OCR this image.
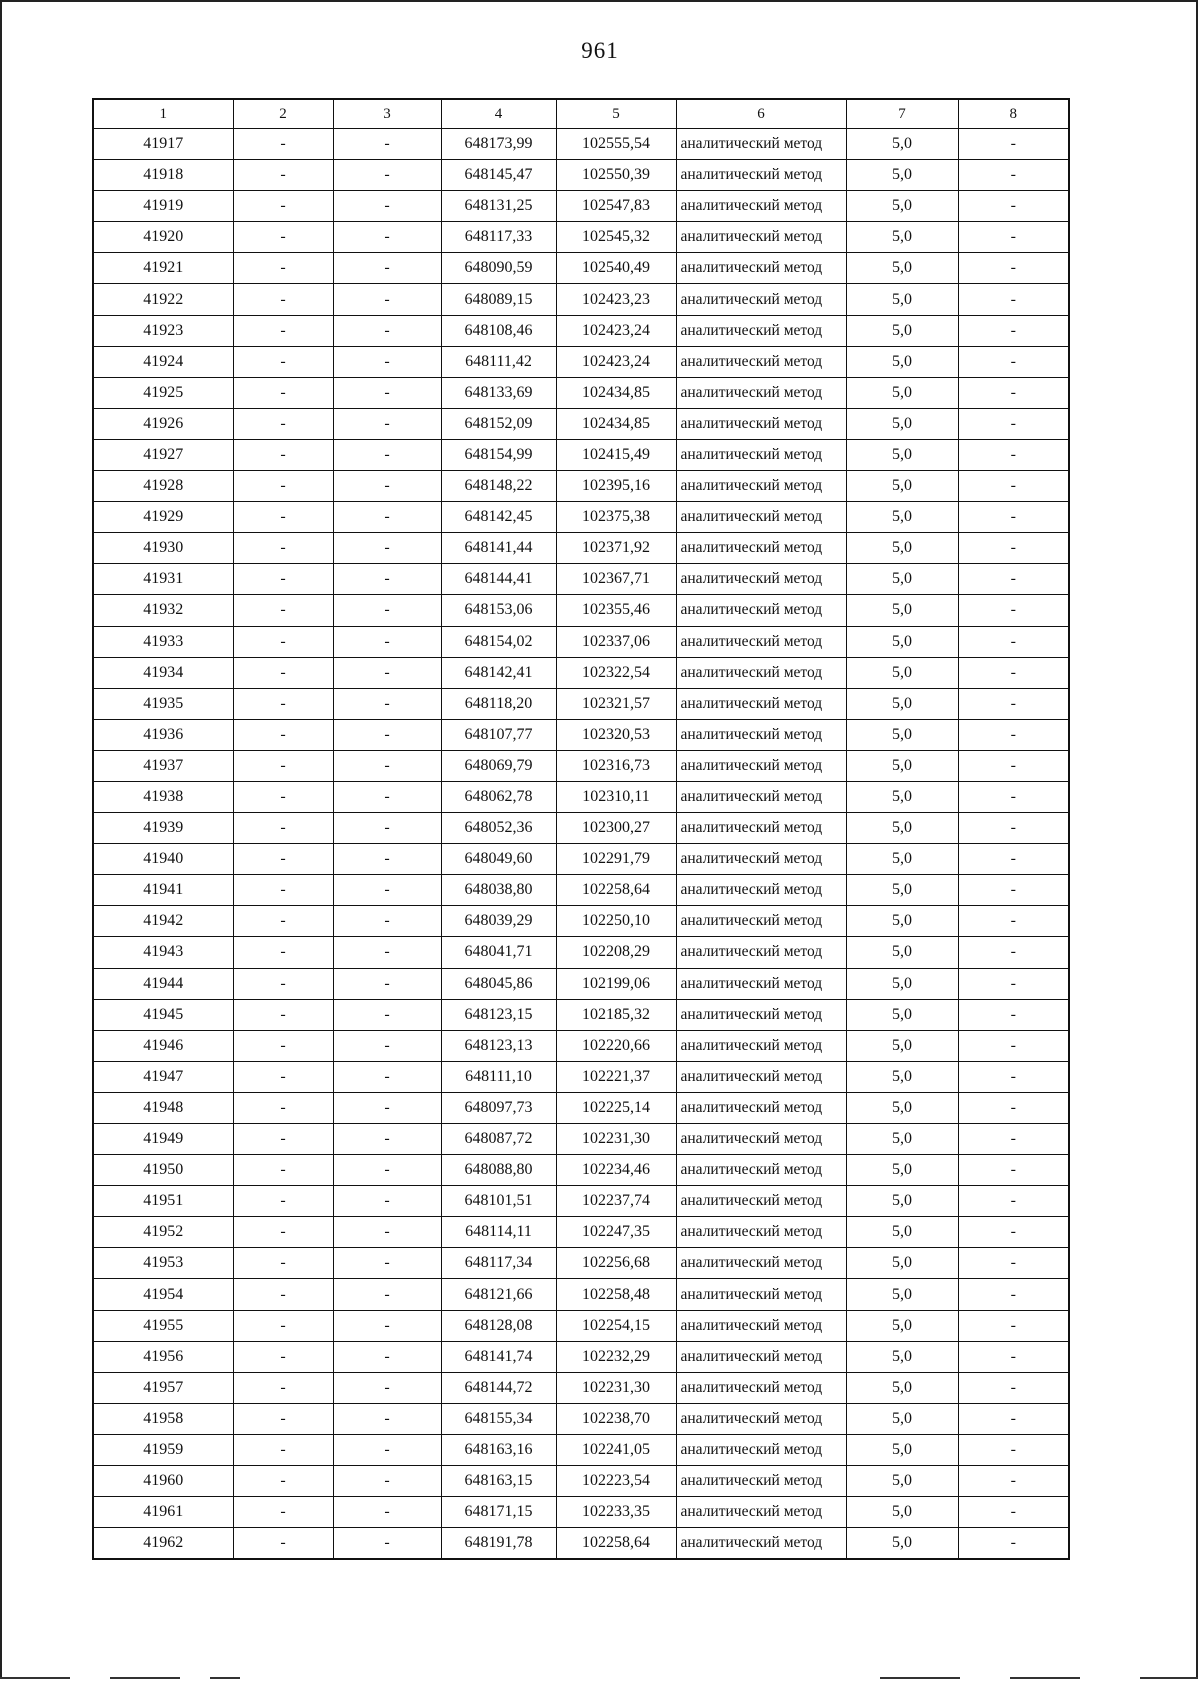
961
1	2	3	4	5	6	7	8
41917	-	-	648173,99	102555,54	аналитический метод	5,0	-
41918	-	-	648145,47	102550,39	аналитический метод	5,0	-
41919	-	-	648131,25	102547,83	аналитический метод	5,0	-
41920	-	-	648117,33	102545,32	аналитический метод	5,0	-
41921	-	-	648090,59	102540,49	аналитический метод	5,0	-
41922	-	-	648089,15	102423,23	аналитический метод	5,0	-
41923	-	-	648108,46	102423,24	аналитический метод	5,0	-
41924	-	-	648111,42	102423,24	аналитический метод	5,0	-
41925	-	-	648133,69	102434,85	аналитический метод	5,0	-
41926	-	-	648152,09	102434,85	аналитический метод	5,0	-
41927	-	-	648154,99	102415,49	аналитический метод	5,0	-
41928	-	-	648148,22	102395,16	аналитический метод	5,0	-
41929	-	-	648142,45	102375,38	аналитический метод	5,0	-
41930	-	-	648141,44	102371,92	аналитический метод	5,0	-
41931	-	-	648144,41	102367,71	аналитический метод	5,0	-
41932	-	-	648153,06	102355,46	аналитический метод	5,0	-
41933	-	-	648154,02	102337,06	аналитический метод	5,0	-
41934	-	-	648142,41	102322,54	аналитический метод	5,0	-
41935	-	-	648118,20	102321,57	аналитический метод	5,0	-
41936	-	-	648107,77	102320,53	аналитический метод	5,0	-
41937	-	-	648069,79	102316,73	аналитический метод	5,0	-
41938	-	-	648062,78	102310,11	аналитический метод	5,0	-
41939	-	-	648052,36	102300,27	аналитический метод	5,0	-
41940	-	-	648049,60	102291,79	аналитический метод	5,0	-
41941	-	-	648038,80	102258,64	аналитический метод	5,0	-
41942	-	-	648039,29	102250,10	аналитический метод	5,0	-
41943	-	-	648041,71	102208,29	аналитический метод	5,0	-
41944	-	-	648045,86	102199,06	аналитический метод	5,0	-
41945	-	-	648123,15	102185,32	аналитический метод	5,0	-
41946	-	-	648123,13	102220,66	аналитический метод	5,0	-
41947	-	-	648111,10	102221,37	аналитический метод	5,0	-
41948	-	-	648097,73	102225,14	аналитический метод	5,0	-
41949	-	-	648087,72	102231,30	аналитический метод	5,0	-
41950	-	-	648088,80	102234,46	аналитический метод	5,0	-
41951	-	-	648101,51	102237,74	аналитический метод	5,0	-
41952	-	-	648114,11	102247,35	аналитический метод	5,0	-
41953	-	-	648117,34	102256,68	аналитический метод	5,0	-
41954	-	-	648121,66	102258,48	аналитический метод	5,0	-
41955	-	-	648128,08	102254,15	аналитический метод	5,0	-
41956	-	-	648141,74	102232,29	аналитический метод	5,0	-
41957	-	-	648144,72	102231,30	аналитический метод	5,0	-
41958	-	-	648155,34	102238,70	аналитический метод	5,0	-
41959	-	-	648163,16	102241,05	аналитический метод	5,0	-
41960	-	-	648163,15	102223,54	аналитический метод	5,0	-
41961	-	-	648171,15	102233,35	аналитический метод	5,0	-
41962	-	-	648191,78	102258,64	аналитический метод	5,0	-
